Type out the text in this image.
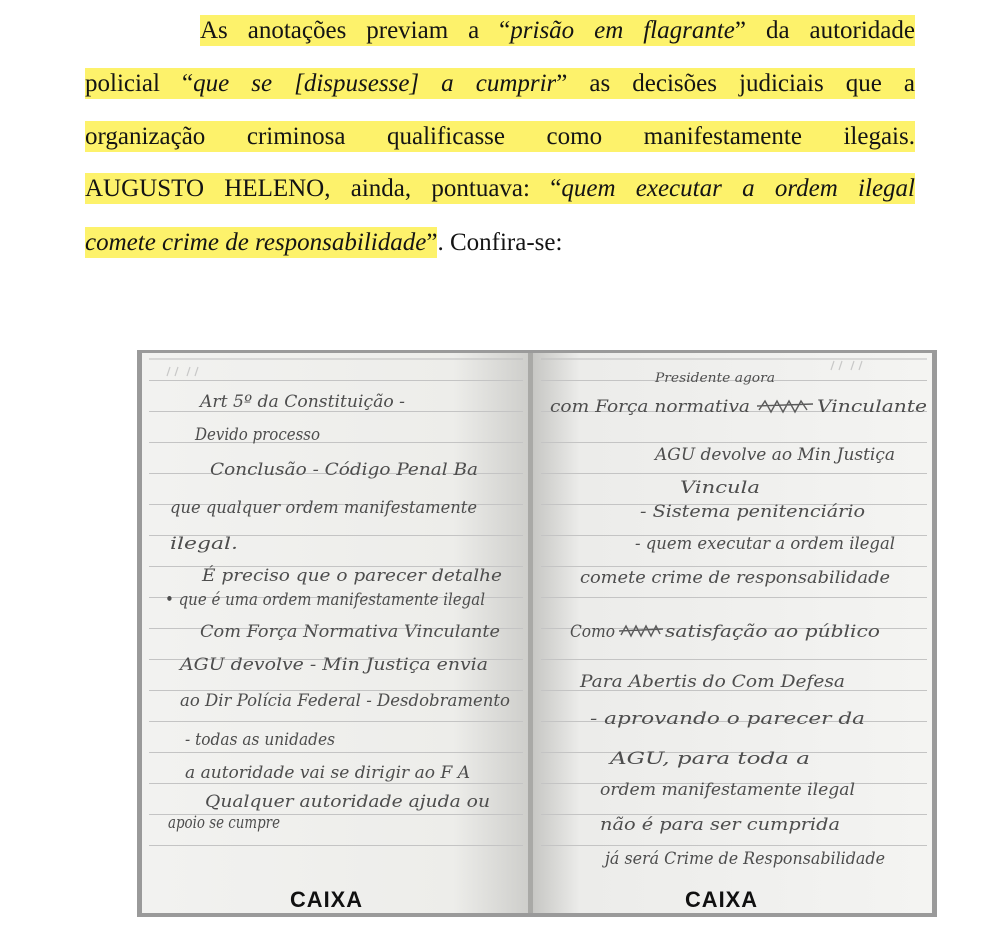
As anotações previam a “prisão em flagrante” da autoridade
policial “que se [dispusesse] a cumprir” as decisões judiciais que a
organização criminosa qualificasse como manifestamente ilegais.
AUGUSTO HELENO, ainda, pontuava: “quem executar a ordem ilegal
comete crime de responsabilidade”. Confira-se:
Art 5º da Constituição -
Devido processo
Conclusão - Código Penal Ba
que qualquer ordem manifestamente
ilegal.
É preciso que o parecer detalhe
• que é uma ordem manifestamente ilegal
Com Força Normativa Vinculante
AGU devolve - Min Justiça envia
ao Dir Polícia Federal - Desdobramento
- todas as unidades
a autoridade vai se dirigir ao F A
Qualquer autoridade ajuda ou
apoio se cumpre
Presidente agora
com Força normativa	Vinculante
AGU devolve ao Min Justiça
Vincula
- Sistema penitenciário
- quem executar a ordem ilegal
comete crime de responsabilidade
Como	satisfação ao público
Para Abertis do Com Defesa
- aprovando o parecer da
AGU, para toda a
ordem manifestamente ilegal
não é para ser cumprida
já será Crime de Responsabilidade
CAIXA	CAIXA
